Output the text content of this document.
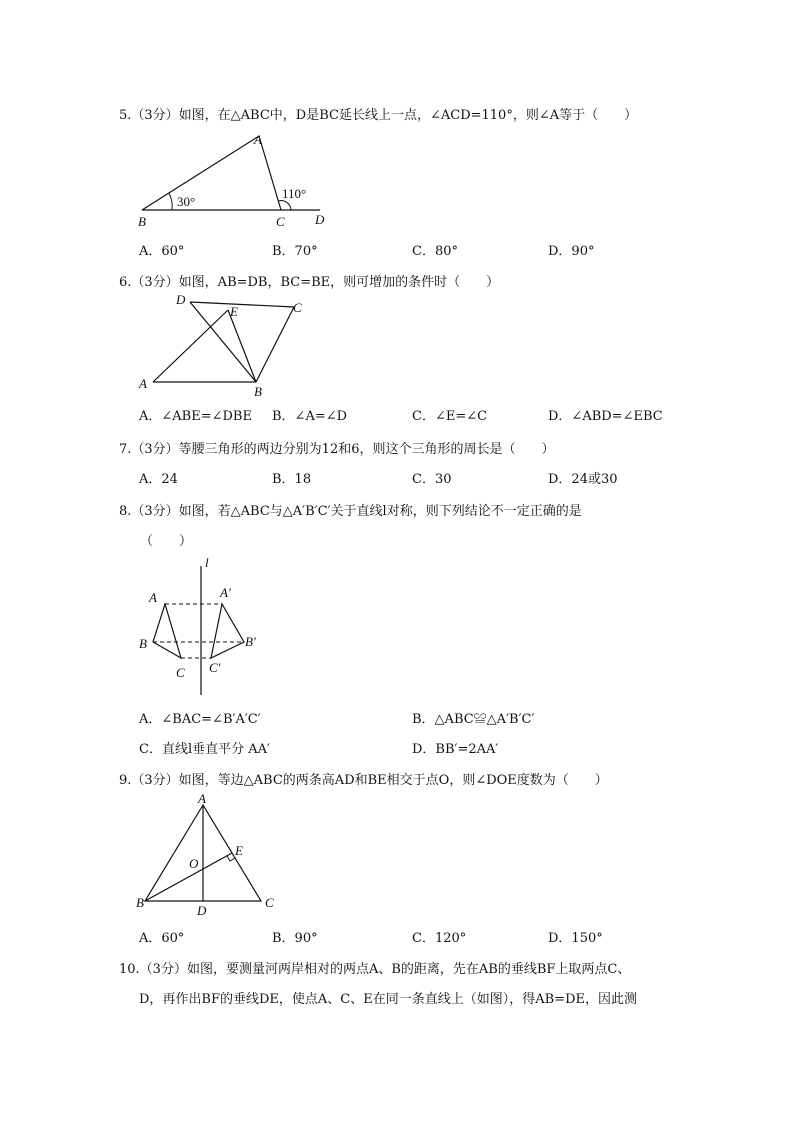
5.（3分）如图，在△ABC中，D是BC延长线上一点，∠ACD=110°，则∠A等于（　　）
A
B	C D
30°
110°
A．60°	B．70°	C．80°	D．90°
6.（3分）如图，AB=DB，BC=BE，则可增加的条件时（　　）
D
E	C
A
B
A．∠ABE=∠DBE B．∠A=∠D	C．∠E=∠C	D．∠ABD=∠EBC
7.（3分）等腰三角形的两边分别为12和6，则这个三角形的周长是（　　）
A．24	B．18	C．30	D．24或30
8.（3分）如图，若△ABC与△A′B′C′关于直线l对称，则下列结论不一定正确的是
（　　）
l
A
B
C
A′
B′
C′
A．∠BAC=∠B′A′C′	B．△ABC≌△A′B′C′
C．直线l垂直平分 AA′	D．BB′=2AA′
9.（3分）如图，等边△ABC的两条高AD和BE相交于点O，则∠DOE度数为（　　）
A
B	C
D
E
O
A．60°	B．90°	C．120°	D．150°
10.（3分）如图，要测量河两岸相对的两点A、B的距离，先在AB的垂线BF上取两点C、
D，再作出BF的垂线DE，使点A、C、E在同一条直线上（如图），得AB=DE，因此测
